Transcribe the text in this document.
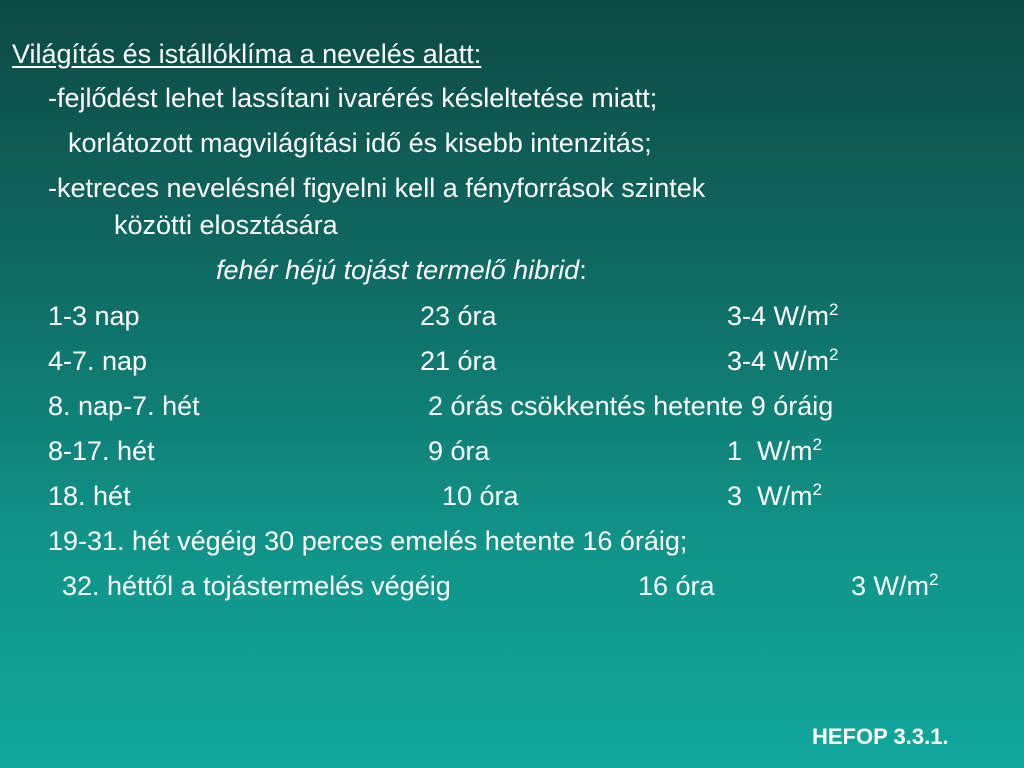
Világítás és istállóklíma a nevelés alatt:
-fejlődést lehet lassítani ivarérés késleltetése miatt;
korlátozott magvilágítási idő és kisebb intenzitás;
-ketreces nevelésnél figyelni kell a fényforrások szintek
közötti elosztására
fehér héjú tojást termelő hibrid:
1-3 nap	23 óra	3-4 $W/m^2$
4-7. nap	21 óra	3-4 $W/m^2$
8. nap-7. hét	2 órás csökkentés hetente 9 óráig
8-17. hét	9 óra	1  $W/m^2$
18. hét	10 óra	3  $W/m^2$
19-31. hét végéig 30 perces emelés hetente 16 óráig;
32. héttől a tojástermelés végéig	16 óra	3 $W/m^2$
HEFOP 3.3.1.
